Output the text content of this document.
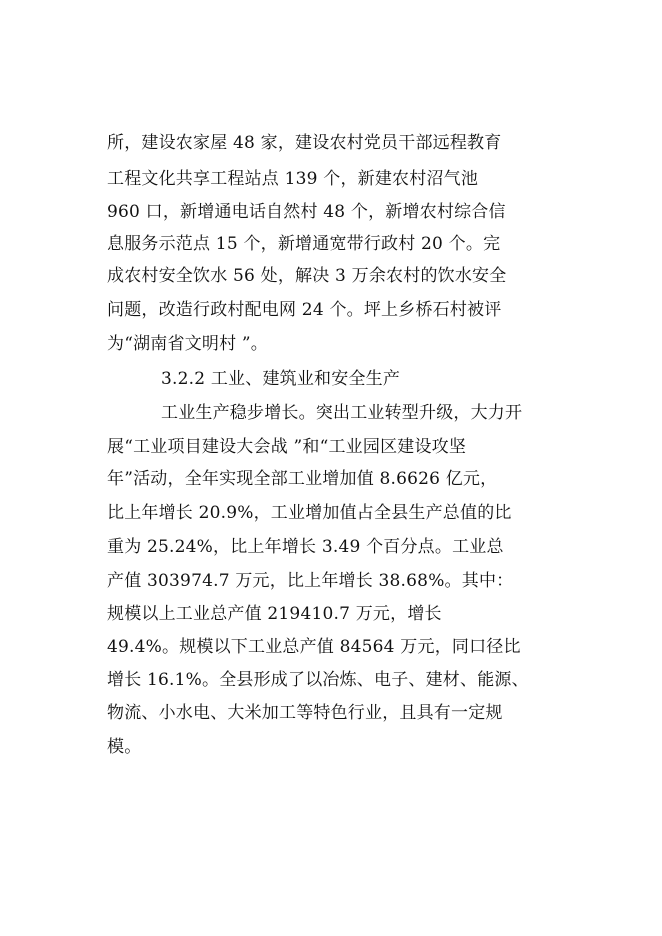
所，建设农家屋 48 家，建设农村党员干部远程教育
工程文化共享工程站点 139 个，新建农村沼气池
960 口，新增通电话自然村 48 个，新增农村综合信
息服务示范点 15 个，新增通宽带行政村 20 个。完
成农村安全饮水 56 处，解决 3 万余农村的饮水安全
问题，改造行政村配电网 24 个。坪上乡桥石村被评
为“湖南省文明村 ”。
3.2.2 工业、建筑业和安全生产
工业生产稳步增长。突出工业转型升级，大力开
展“工业项目建设大会战 ”和“工业园区建设攻坚
年”活动，全年实现全部工业增加值 8.6626 亿元，
比上年增长 20.9%，工业增加值占全县生产总值的比
重为 25.24%，比上年增长 3.49 个百分点。工业总
产值 303974.7 万元，比上年增长 38.68%。其中：
规模以上工业总产值 219410.7 万元，增长
49.4%。规模以下工业总产值 84564 万元，同口径比
增长 16.1%。全县形成了以冶炼、电子、建材、能源、
物流、小水电、大米加工等特色行业，且具有一定规
模。
